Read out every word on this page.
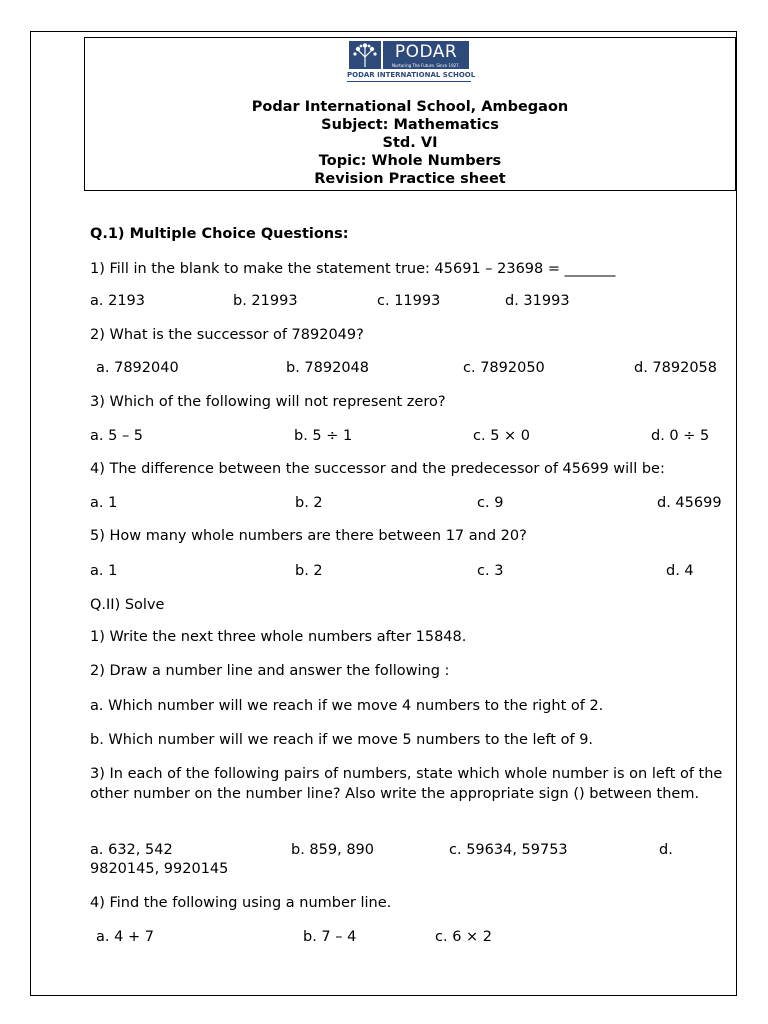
PODAR
Nurturing The Future. Since 1927.
PODAR INTERNATIONAL SCHOOL
Podar International School, Ambegaon
Subject: Mathematics
Std. VI
Topic: Whole Numbers
Revision Practice sheet
Q.1) Multiple Choice Questions:
1) Fill in the blank to make the statement true: 45691 – 23698 = _______
a. 2193	b. 21993	c. 11993	d. 31993
2) What is the successor of 7892049?
a. 7892040	b. 7892048	c. 7892050	d. 7892058
3) Which of the following will not represent zero?
a. 5 – 5	b. 5 ÷ 1	c. 5 × 0	d. 0 ÷ 5
4) The difference between the successor and the predecessor of 45699 will be:
a. 1	b. 2	c. 9	d. 45699
5) How many whole numbers are there between 17 and 20?
a. 1	b. 2	c. 3	d. 4
Q.II) Solve
1) Write the next three whole numbers after 15848.
2) Draw a number line and answer the following :
a. Which number will we reach if we move 4 numbers to the right of 2.
b. Which number will we reach if we move 5 numbers to the left of 9.
3) In each of the following pairs of numbers, state which whole number is on left of the other number on the number line? Also write the appropriate sign () between them.
a. 632, 542	b. 859, 890	c. 59634, 59753	d.
9820145, 9920145
4) Find the following using a number line.
a. 4 + 7	b. 7 – 4	c. 6 × 2
